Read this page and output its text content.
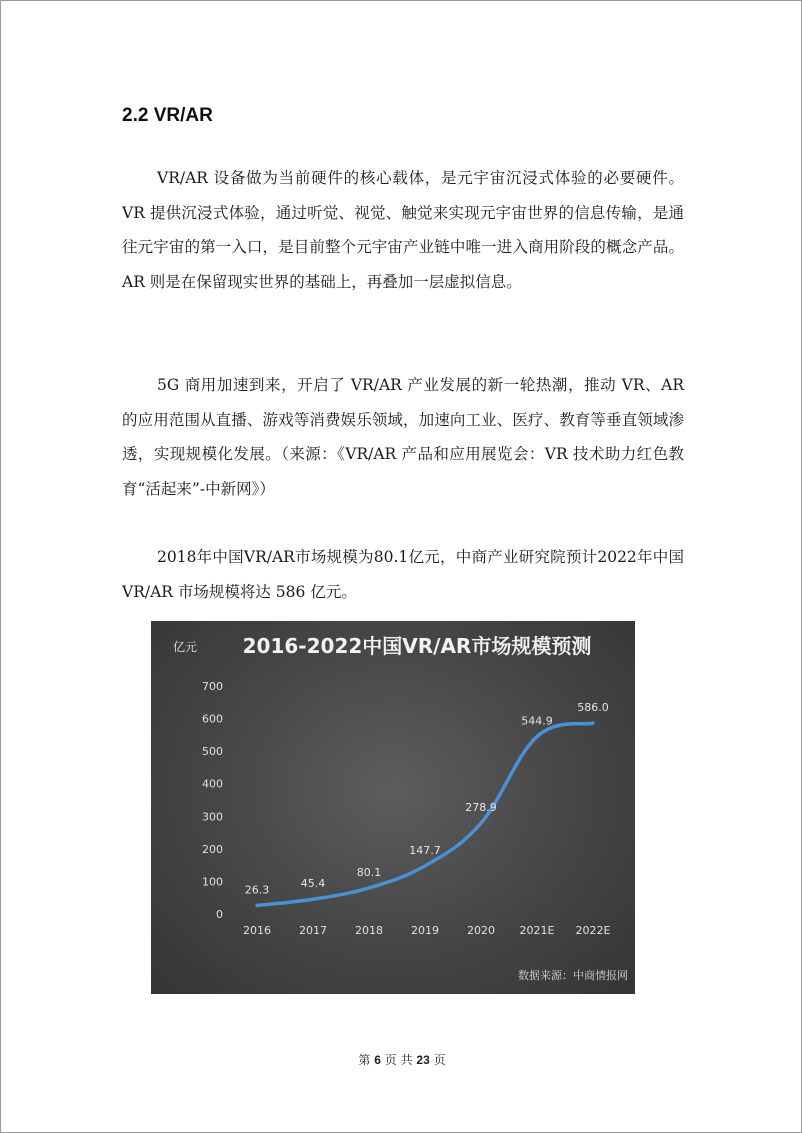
2.2 VR/AR

VR/AR 设备做为当前硬件的核心载体，是元宇宙沉浸式体验的必要硬件。VR 提供沉浸式体验，通过听觉、视觉、触觉来实现元宇宙世界的信息传输，是通往元宇宙的第一入口，是目前整个元宇宙产业链中唯一进入商用阶段的概念产品。AR 则是在保留现实世界的基础上，再叠加一层虚拟信息。

5G 商用加速到来，开启了 VR/AR 产业发展的新一轮热潮，推动 VR、AR 的应用范围从直播、游戏等消费娱乐领域，加速向工业、医疗、教育等垂直领域渗透，实现规模化发展。（来源：《VR/AR 产品和应用展览会：VR 技术助力红色教育“活起来”-中新网》）

2018年中国VR/AR市场规模为80.1亿元，中商产业研究院预计2022年中国 VR/AR 市场规模将达 586 亿元。

亿元 2016-2022中国VR/AR市场规模预测
0
100
200
300
400
500
600
700
2016	2017	2018	2019	2020 2021E 2022E
26.3	45.4
80.1
147.7
278.9
544.9
586.0
数据来源：中商情报网
第 6 页 共 23 页
